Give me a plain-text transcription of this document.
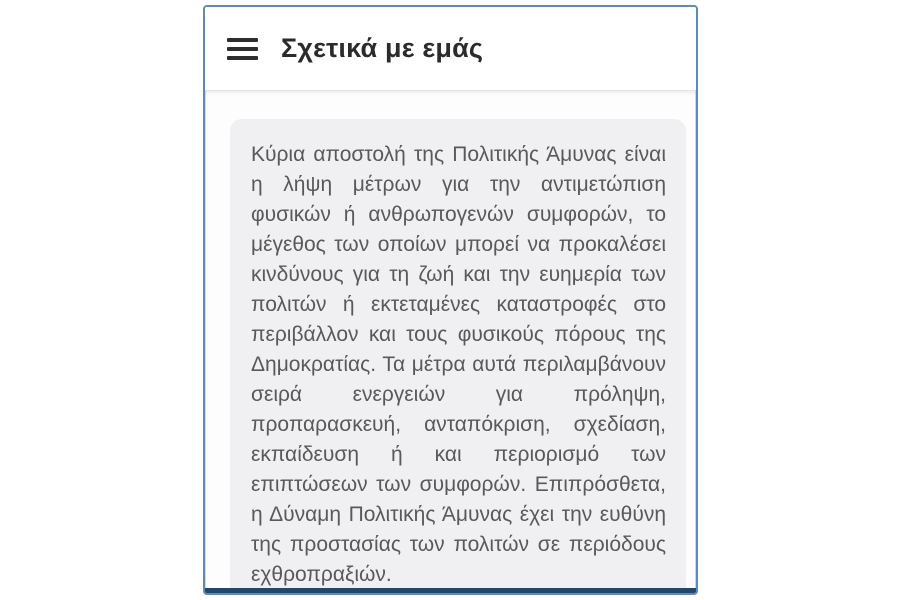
Σχετικά με εμάς

Κύρια αποστολή της Πολιτικής Άμυνας είναι η λήψη μέτρων για την αντιμετώπιση φυσικών ή ανθρωπογενών συμφορών, το μέγεθος των οποίων μπορεί να προκαλέσει κινδύνους για τη ζωή και την ευημερία των πολιτών ή εκτεταμένες καταστροφές στο περιβάλλον και τους φυσικούς πόρους της Δημοκρατίας. Τα μέτρα αυτά περιλαμβάνουν σειρά ενεργειών για πρόληψη, προπαρασκευή, ανταπόκριση, σχεδίαση, εκπαίδευση ή και περιορισμό των επιπτώσεων των συμφορών. Επιπρόσθετα, η Δύναμη Πολιτικής Άμυνας έχει την ευθύνη της προστασίας των πολιτών σε περιόδους εχθροπραξιών.
